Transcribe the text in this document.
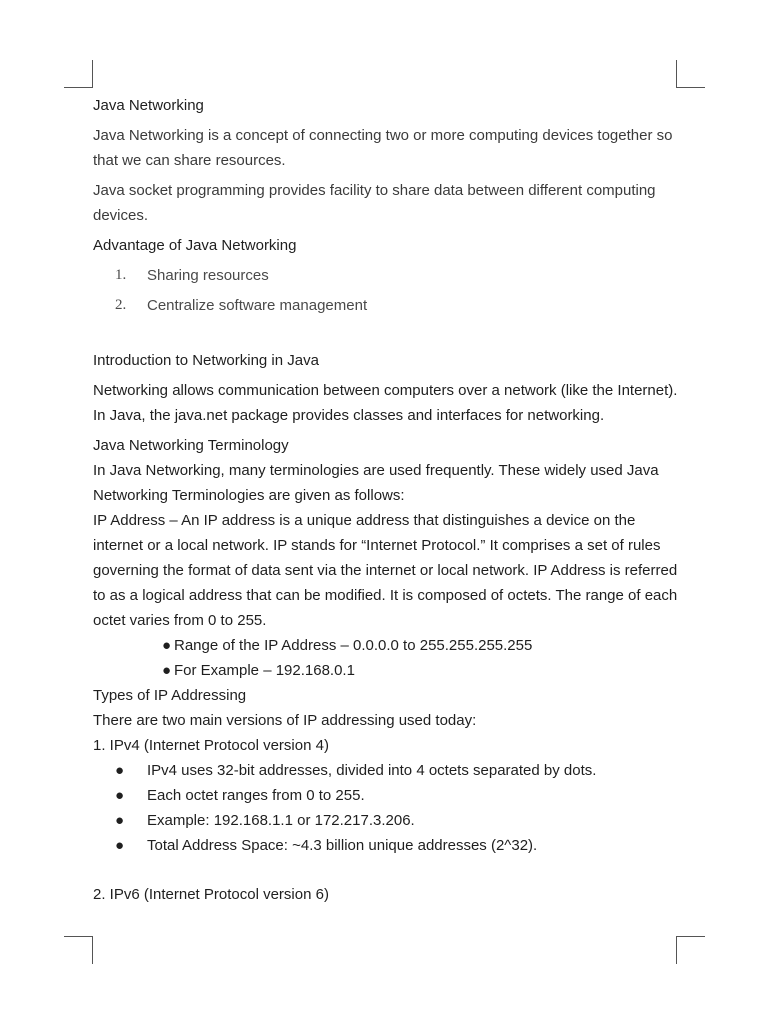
Java Networking

Java Networking is a concept of connecting two or more computing devices together so that we can share resources.

Java socket programming provides facility to share data between different computing devices.

Advantage of Java Networking

1. Sharing resources
2. Centralize software management

Introduction to Networking in Java

Networking allows communication between computers over a network (like the Internet). In Java, the java.net package provides classes and interfaces for networking.

Java Networking Terminology

In Java Networking, many terminologies are used frequently. These widely used Java Networking Terminologies are given as follows:

IP Address – An IP address is a unique address that distinguishes a device on the internet or a local network. IP stands for “Internet Protocol.” It comprises a set of rules governing the format of data sent via the internet or local network. IP Address is referred to as a logical address that can be modified. It is composed of octets. The range of each octet varies from 0 to 255.

● Range of the IP Address – 0.0.0.0 to 255.255.255.255
● For Example – 192.168.0.1

Types of IP Addressing

There are two main versions of IP addressing used today:

1. IPv4 (Internet Protocol version 4)

● IPv4 uses 32-bit addresses, divided into 4 octets separated by dots.
● Each octet ranges from 0 to 255.
● Example: 192.168.1.1 or 172.217.3.206.
● Total Address Space: ~4.3 billion unique addresses (2^32).

2. IPv6 (Internet Protocol version 6)
